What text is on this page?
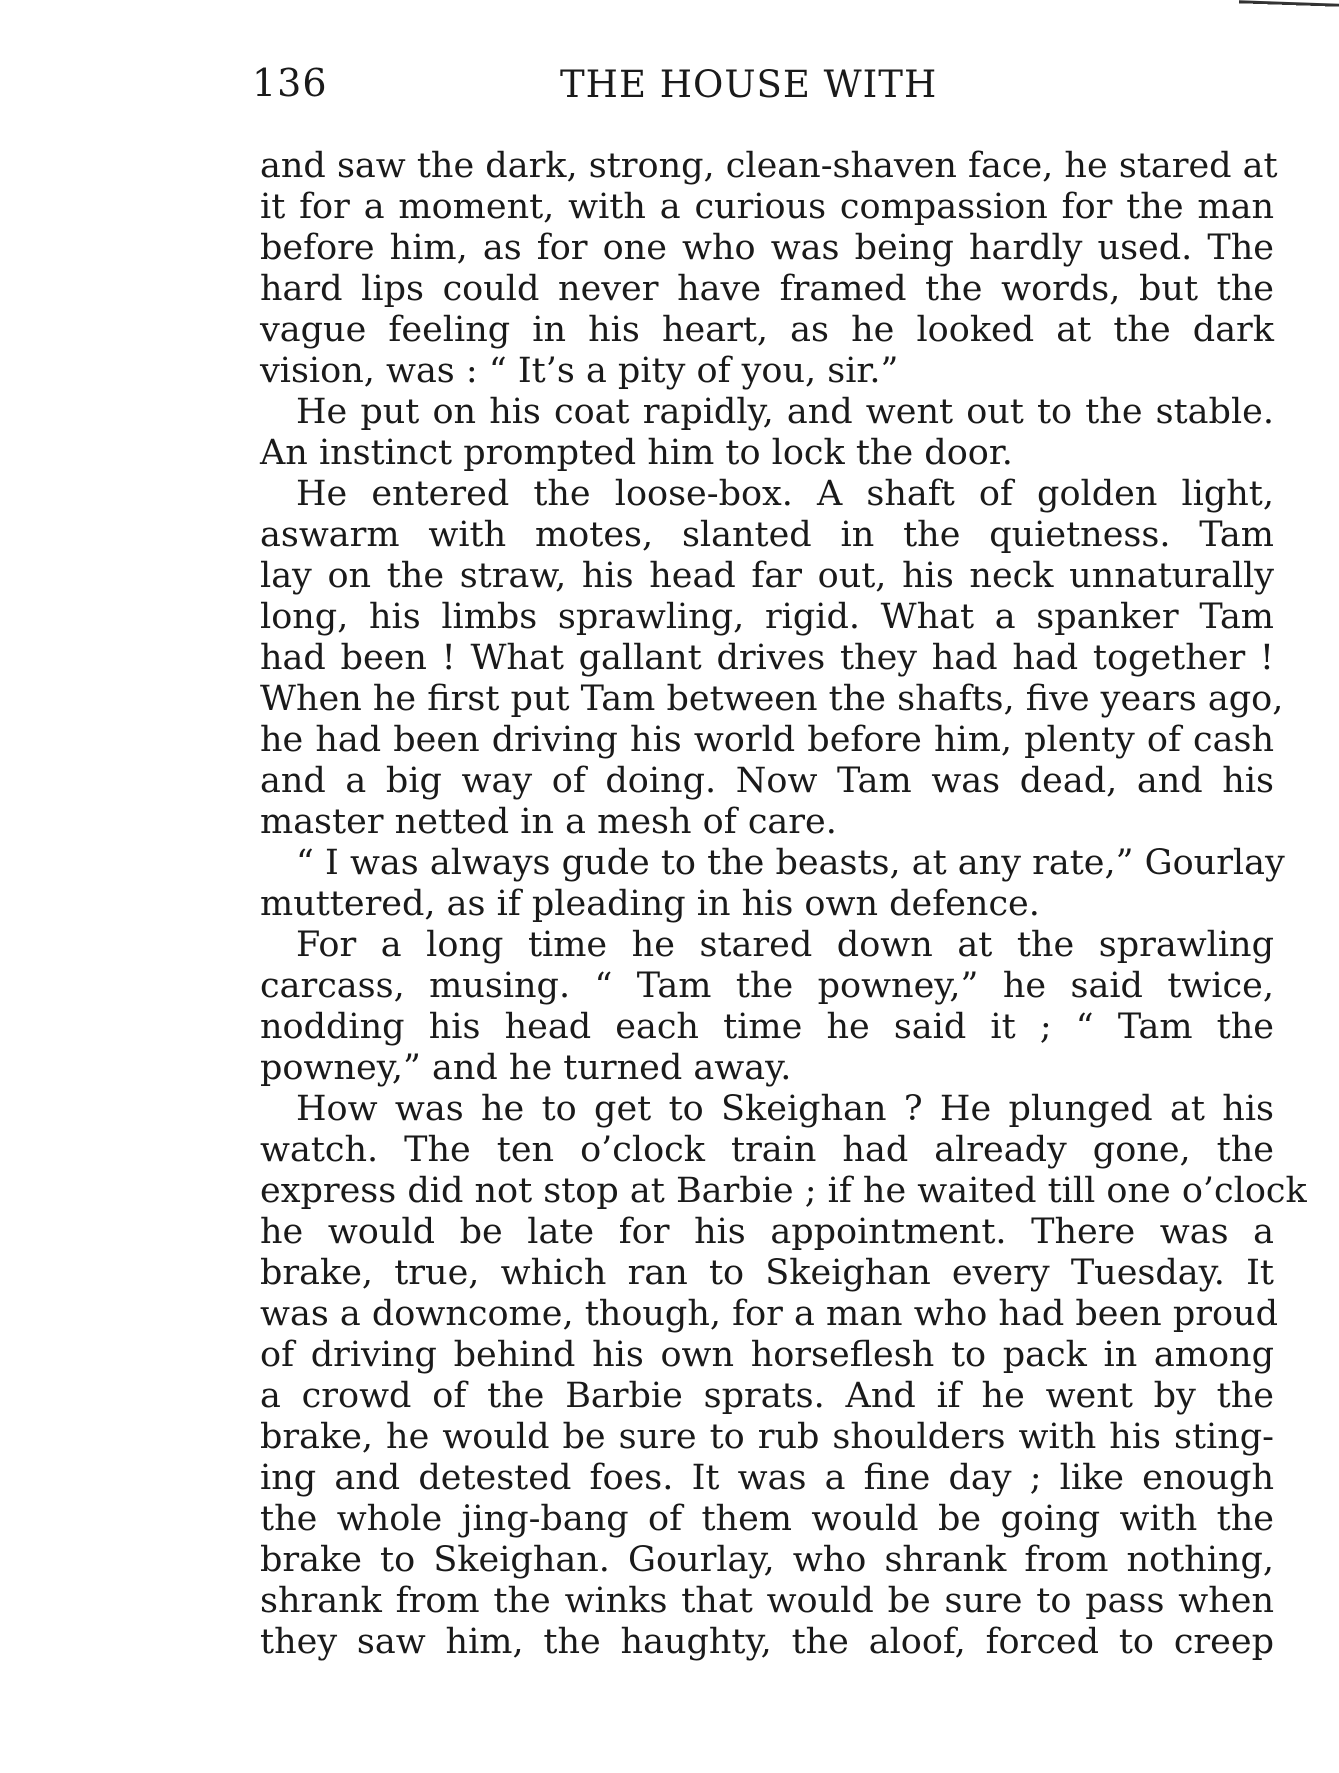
136	THE HOUSE WITH
and saw the dark, strong, clean-shaven face, he stared at
it for a moment, with a curious compassion for the man
before him, as for one who was being hardly used. The
hard lips could never have framed the words, but the
vague feeling in his heart, as he looked at the dark
vision, was : “ It’s a pity of you, sir.”
He put on his coat rapidly, and went out to the stable.
An instinct prompted him to lock the door.
He entered the loose-box. A shaft of golden light,
aswarm with motes, slanted in the quietness. Tam
lay on the straw, his head far out, his neck unnaturally
long, his limbs sprawling, rigid. What a spanker Tam
had been ! What gallant drives they had had together !
When he first put Tam between the shafts, five years ago,
he had been driving his world before him, plenty of cash
and a big way of doing. Now Tam was dead, and his
master netted in a mesh of care.
“ I was always gude to the beasts, at any rate,” Gourlay
muttered, as if pleading in his own defence.
For a long time he stared down at the sprawling
carcass, musing. “ Tam the powney,” he said twice,
nodding his head each time he said it ; “ Tam the
powney,” and he turned away.
How was he to get to Skeighan ? He plunged at his
watch. The ten o’clock train had already gone, the
express did not stop at Barbie ; if he waited till one o’clock
he would be late for his appointment. There was a
brake, true, which ran to Skeighan every Tuesday. It
was a downcome, though, for a man who had been proud
of driving behind his own horseflesh to pack in among
a crowd of the Barbie sprats. And if he went by the
brake, he would be sure to rub shoulders with his sting-
ing and detested foes. It was a fine day ; like enough
the whole jing-bang of them would be going with the
brake to Skeighan. Gourlay, who shrank from nothing,
shrank from the winks that would be sure to pass when
they saw him, the haughty, the aloof, forced to creep
